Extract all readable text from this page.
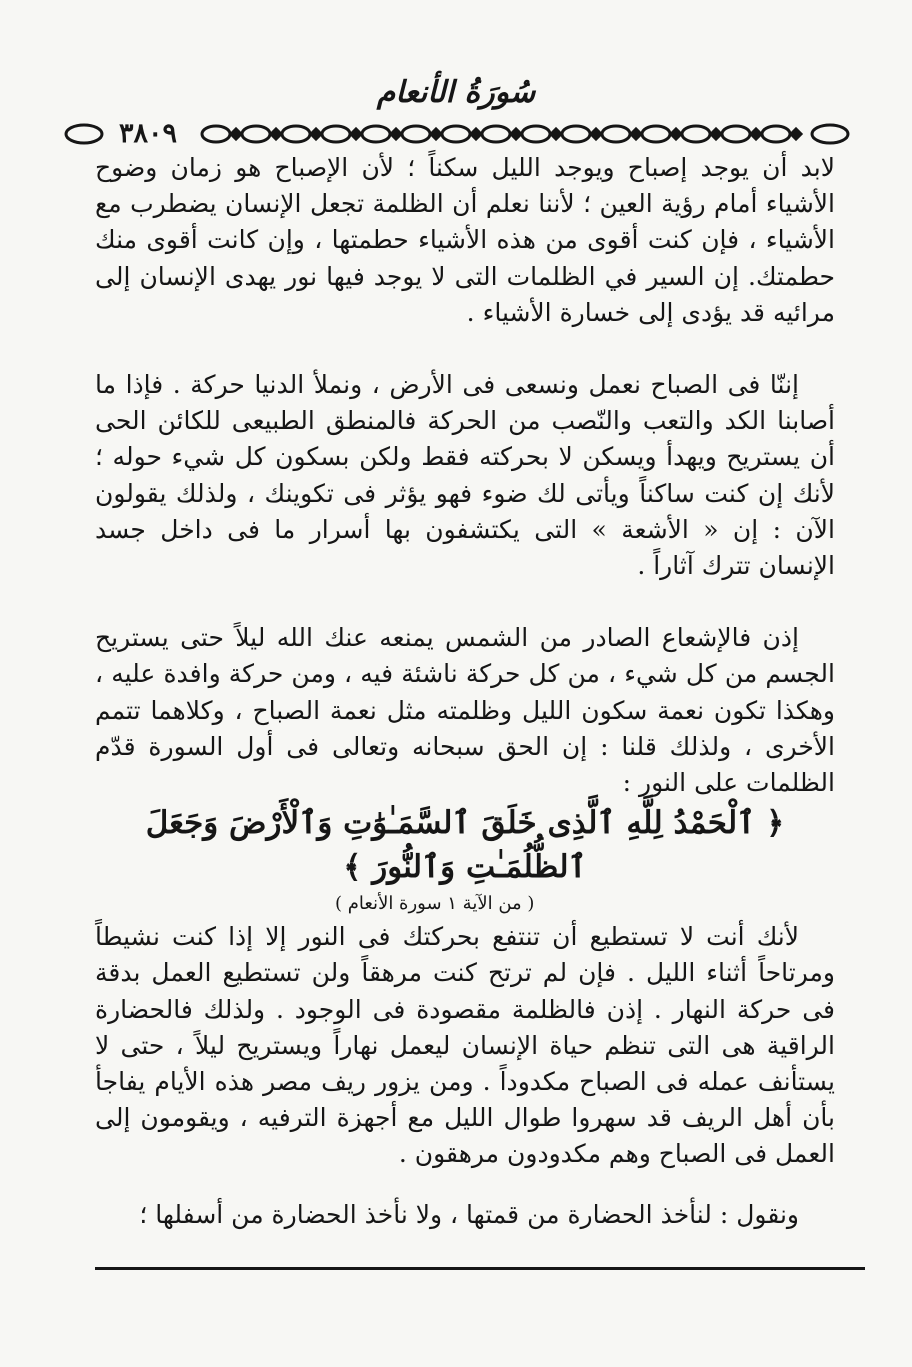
سُورَةُ الأنعام
٣٨٠٩

لابد أن يوجد إصباح ويوجد الليل سكناً ؛ لأن الإصباح هو زمان وضوح الأشياء أمام رؤية العين ؛ لأننا نعلم أن الظلمة تجعل الإنسان يضطرب مع الأشياء ، فإن كنت أقوى من هذه الأشياء حطمتها ، وإن كانت أقوى منك حطمتك. إن السير في الظلمات التى لا يوجد فيها نور يهدى الإنسان إلى مرائيه قد يؤدى إلى خسارة الأشياء .

إننّا فى الصباح نعمل ونسعى فى الأرض ، ونملأ الدنيا حركة . فإذا ما أصابنا الكد والتعب والنّصب من الحركة فالمنطق الطبيعى للكائن الحى أن يستريح ويهدأ ويسكن لا بحركته فقط ولكن بسكون كل شيء حوله ؛ لأنك إن كنت ساكناً ويأتى لك ضوء فهو يؤثر فى تكوينك ، ولذلك يقولون الآن : إن « الأشعة » التى يكتشفون بها أسرار ما فى داخل جسد الإنسان تترك آثاراً .

إذن فالإشعاع الصادر من الشمس يمنعه عنك الله ليلاً حتى يستريح الجسم من كل شيء ، من كل حركة ناشئة فيه ، ومن حركة وافدة عليه ، وهكذا تكون نعمة سكون الليل وظلمته مثل نعمة الصباح ، وكلاهما تتمم الأخرى ، ولذلك قلنا : إن الحق سبحانه وتعالى فى أول السورة قدّم الظلمات على النور :

﴿ ٱلْحَمْدُ لِلَّهِ ٱلَّذِى خَلَقَ ٱلسَّمَـٰوَٰتِ وَٱلْأَرْضَ وَجَعَلَ ٱلظُّلُمَـٰتِ وَٱلنُّورَ ﴾

( من الآية ١ سورة الأنعام )

لأنك أنت لا تستطيع أن تنتفع بحركتك فى النور إلا إذا كنت نشيطاً ومرتاحاً أثناء الليل . فإن لم ترتح كنت مرهقاً ولن تستطيع العمل بدقة فى حركة النهار . إذن فالظلمة مقصودة فى الوجود . ولذلك فالحضارة الراقية هى التى تنظم حياة الإنسان ليعمل نهاراً ويستريح ليلاً ، حتى لا يستأنف عمله فى الصباح مكدوداً . ومن يزور ريف مصر هذه الأيام يفاجأ بأن أهل الريف قد سهروا طوال الليل مع أجهزة الترفيه ، ويقومون إلى العمل فى الصباح وهم مكدودون مرهقون .

ونقول : لنأخذ الحضارة من قمتها ، ولا نأخذ الحضارة من أسفلها ؛
